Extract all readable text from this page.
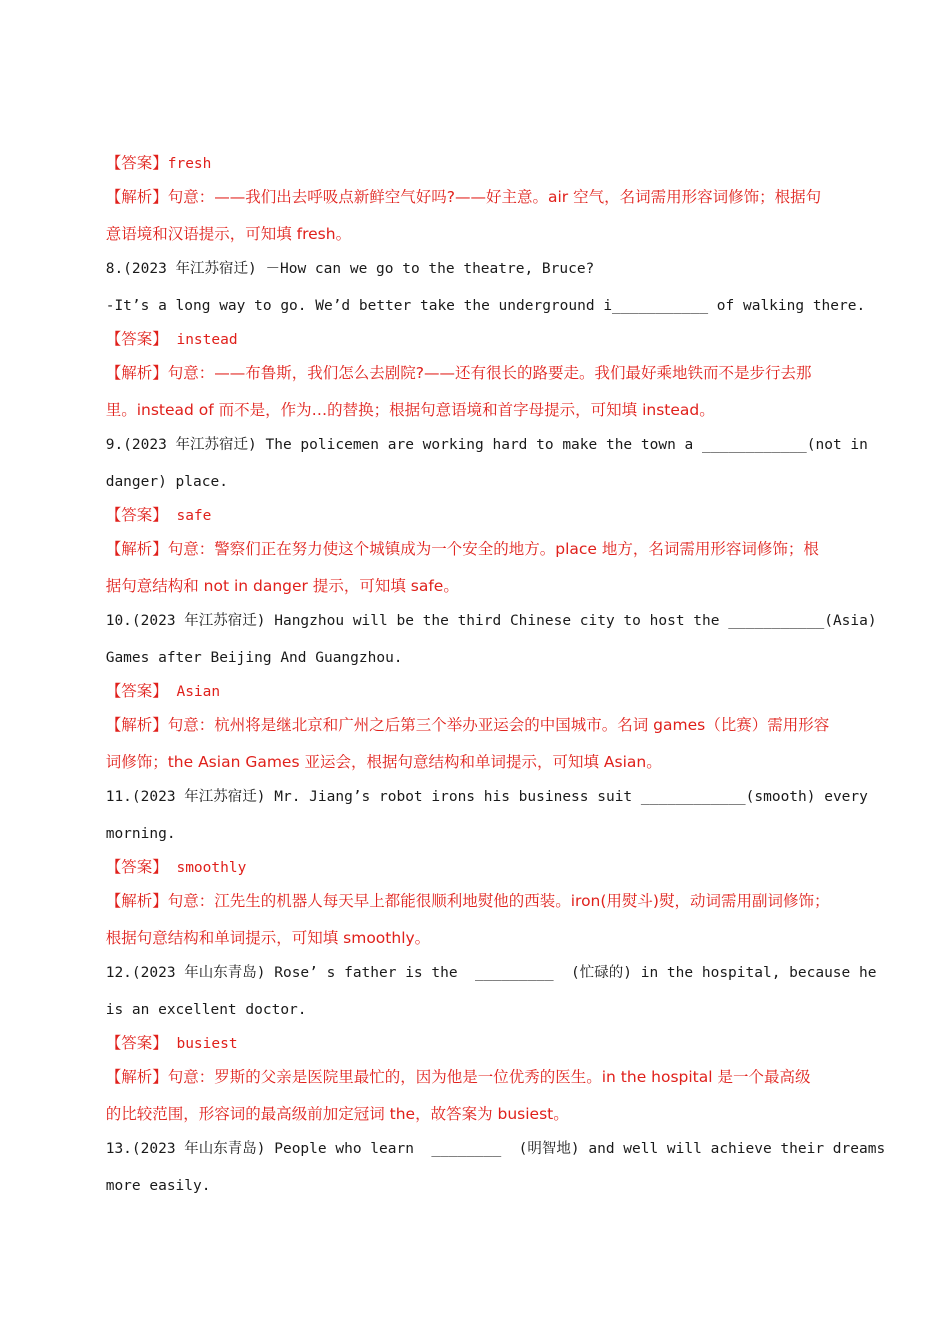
【答案】fresh

【解析】句意：——我们出去呼吸点新鲜空气好吗?——好主意。air 空气，名词需用形容词修饰；根据句

意语境和汉语提示，可知填 fresh。

8.(2023 年江苏宿迁) －How can we go to the theatre, Bruce?

-It’s a long way to go. We’d better take the underground i___________ of walking there.

【答案】 instead

【解析】句意：——布鲁斯，我们怎么去剧院?——还有很长的路要走。我们最好乘地铁而不是步行去那

里。instead of 而不是，作为…的替换；根据句意语境和首字母提示，可知填 instead。

9.(2023 年江苏宿迁) The policemen are working hard to make the town a ____________(not in

danger) place.

【答案】 safe

【解析】句意：警察们正在努力使这个城镇成为一个安全的地方。place 地方，名词需用形容词修饰；根

据句意结构和 not in danger 提示，可知填 safe。

10.(2023 年江苏宿迁) Hangzhou will be the third Chinese city to host the ___________(Asia)

Games after Beijing And Guangzhou.

【答案】 Asian

【解析】句意：杭州将是继北京和广州之后第三个举办亚运会的中国城市。名词 games（比赛）需用形容

词修饰；the Asian Games 亚运会，根据句意结构和单词提示，可知填 Asian。

11.(2023 年江苏宿迁) Mr. Jiang’s robot irons his business suit ____________(smooth) every

morning.

【答案】 smoothly

【解析】句意：江先生的机器人每天早上都能很顺利地熨他的西装。iron(用熨斗)熨，动词需用副词修饰；

根据句意结构和单词提示，可知填 smoothly。

12.(2023 年山东青岛) Rose’ s father is the  _________  (忙碌的) in the hospital, because he

is an excellent doctor.

【答案】 busiest

【解析】句意：罗斯的父亲是医院里最忙的，因为他是一位优秀的医生。in the hospital 是一个最高级

的比较范围，形容词的最高级前加定冠词 the，故答案为 busiest。

13.(2023 年山东青岛) People who learn  ________  (明智地) and well will achieve their dreams

more easily.
